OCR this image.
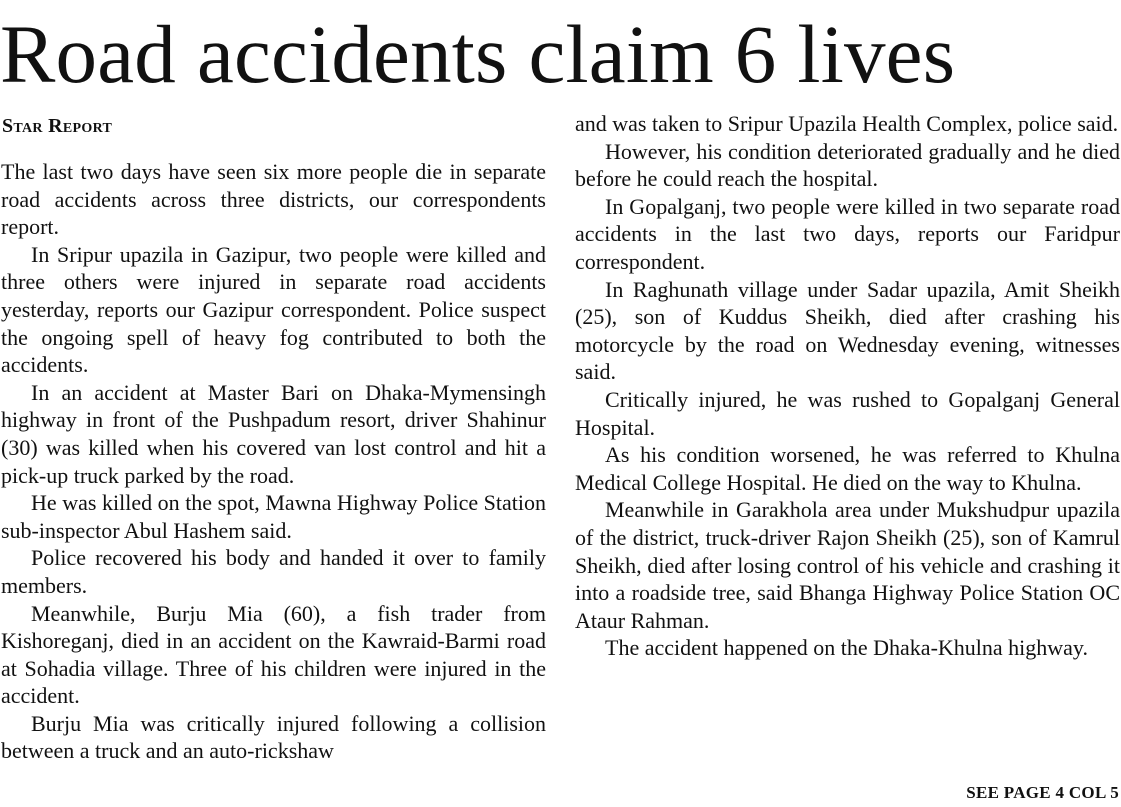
Road accidents claim 6 lives
Star Report

The last two days have seen six more people die in separate road accidents across three districts, our correspondents report.

In Sripur upazila in Gazipur, two people were killed and three others were injured in separate road accidents yesterday, reports our Gazipur correspondent. Police suspect the ongoing spell of heavy fog contributed to both the accidents.

In an accident at Master Bari on Dhaka-Mymensingh highway in front of the Pushpadum resort, driver Shahinur (30) was killed when his covered van lost control and hit a pick-up truck parked by the road.

He was killed on the spot, Mawna Highway Police Station sub-inspector Abul Hashem said.

Police recovered his body and handed it over to family members.

Meanwhile, Burju Mia (60), a fish trader from Kishoreganj, died in an accident on the Kawraid-Barmi road at Sohadia village. Three of his children were injured in the accident.

Burju Mia was critically injured following a collision between a truck and an auto-rickshaw

and was taken to Sripur Upazila Health Complex, police said.

However, his condition deteriorated gradually and he died before he could reach the hospital.

In Gopalganj, two people were killed in two separate road accidents in the last two days, reports our Faridpur correspondent.

In Raghunath village under Sadar upazila, Amit Sheikh (25), son of Kuddus Sheikh, died after crashing his motorcycle by the road on Wednesday evening, witnesses said.

Critically injured, he was rushed to Gopalganj General Hospital.

As his condition worsened, he was referred to Khulna Medical College Hospital. He died on the way to Khulna.

Meanwhile in Garakhola area under Mukshudpur upazila of the district, truck-driver Rajon Sheikh (25), son of Kamrul Sheikh, died after losing control of his vehicle and crashing it into a roadside tree, said Bhanga Highway Police Station OC Ataur Rahman.

The accident happened on the Dhaka-Khulna highway.

SEE PAGE 4 COL 5
